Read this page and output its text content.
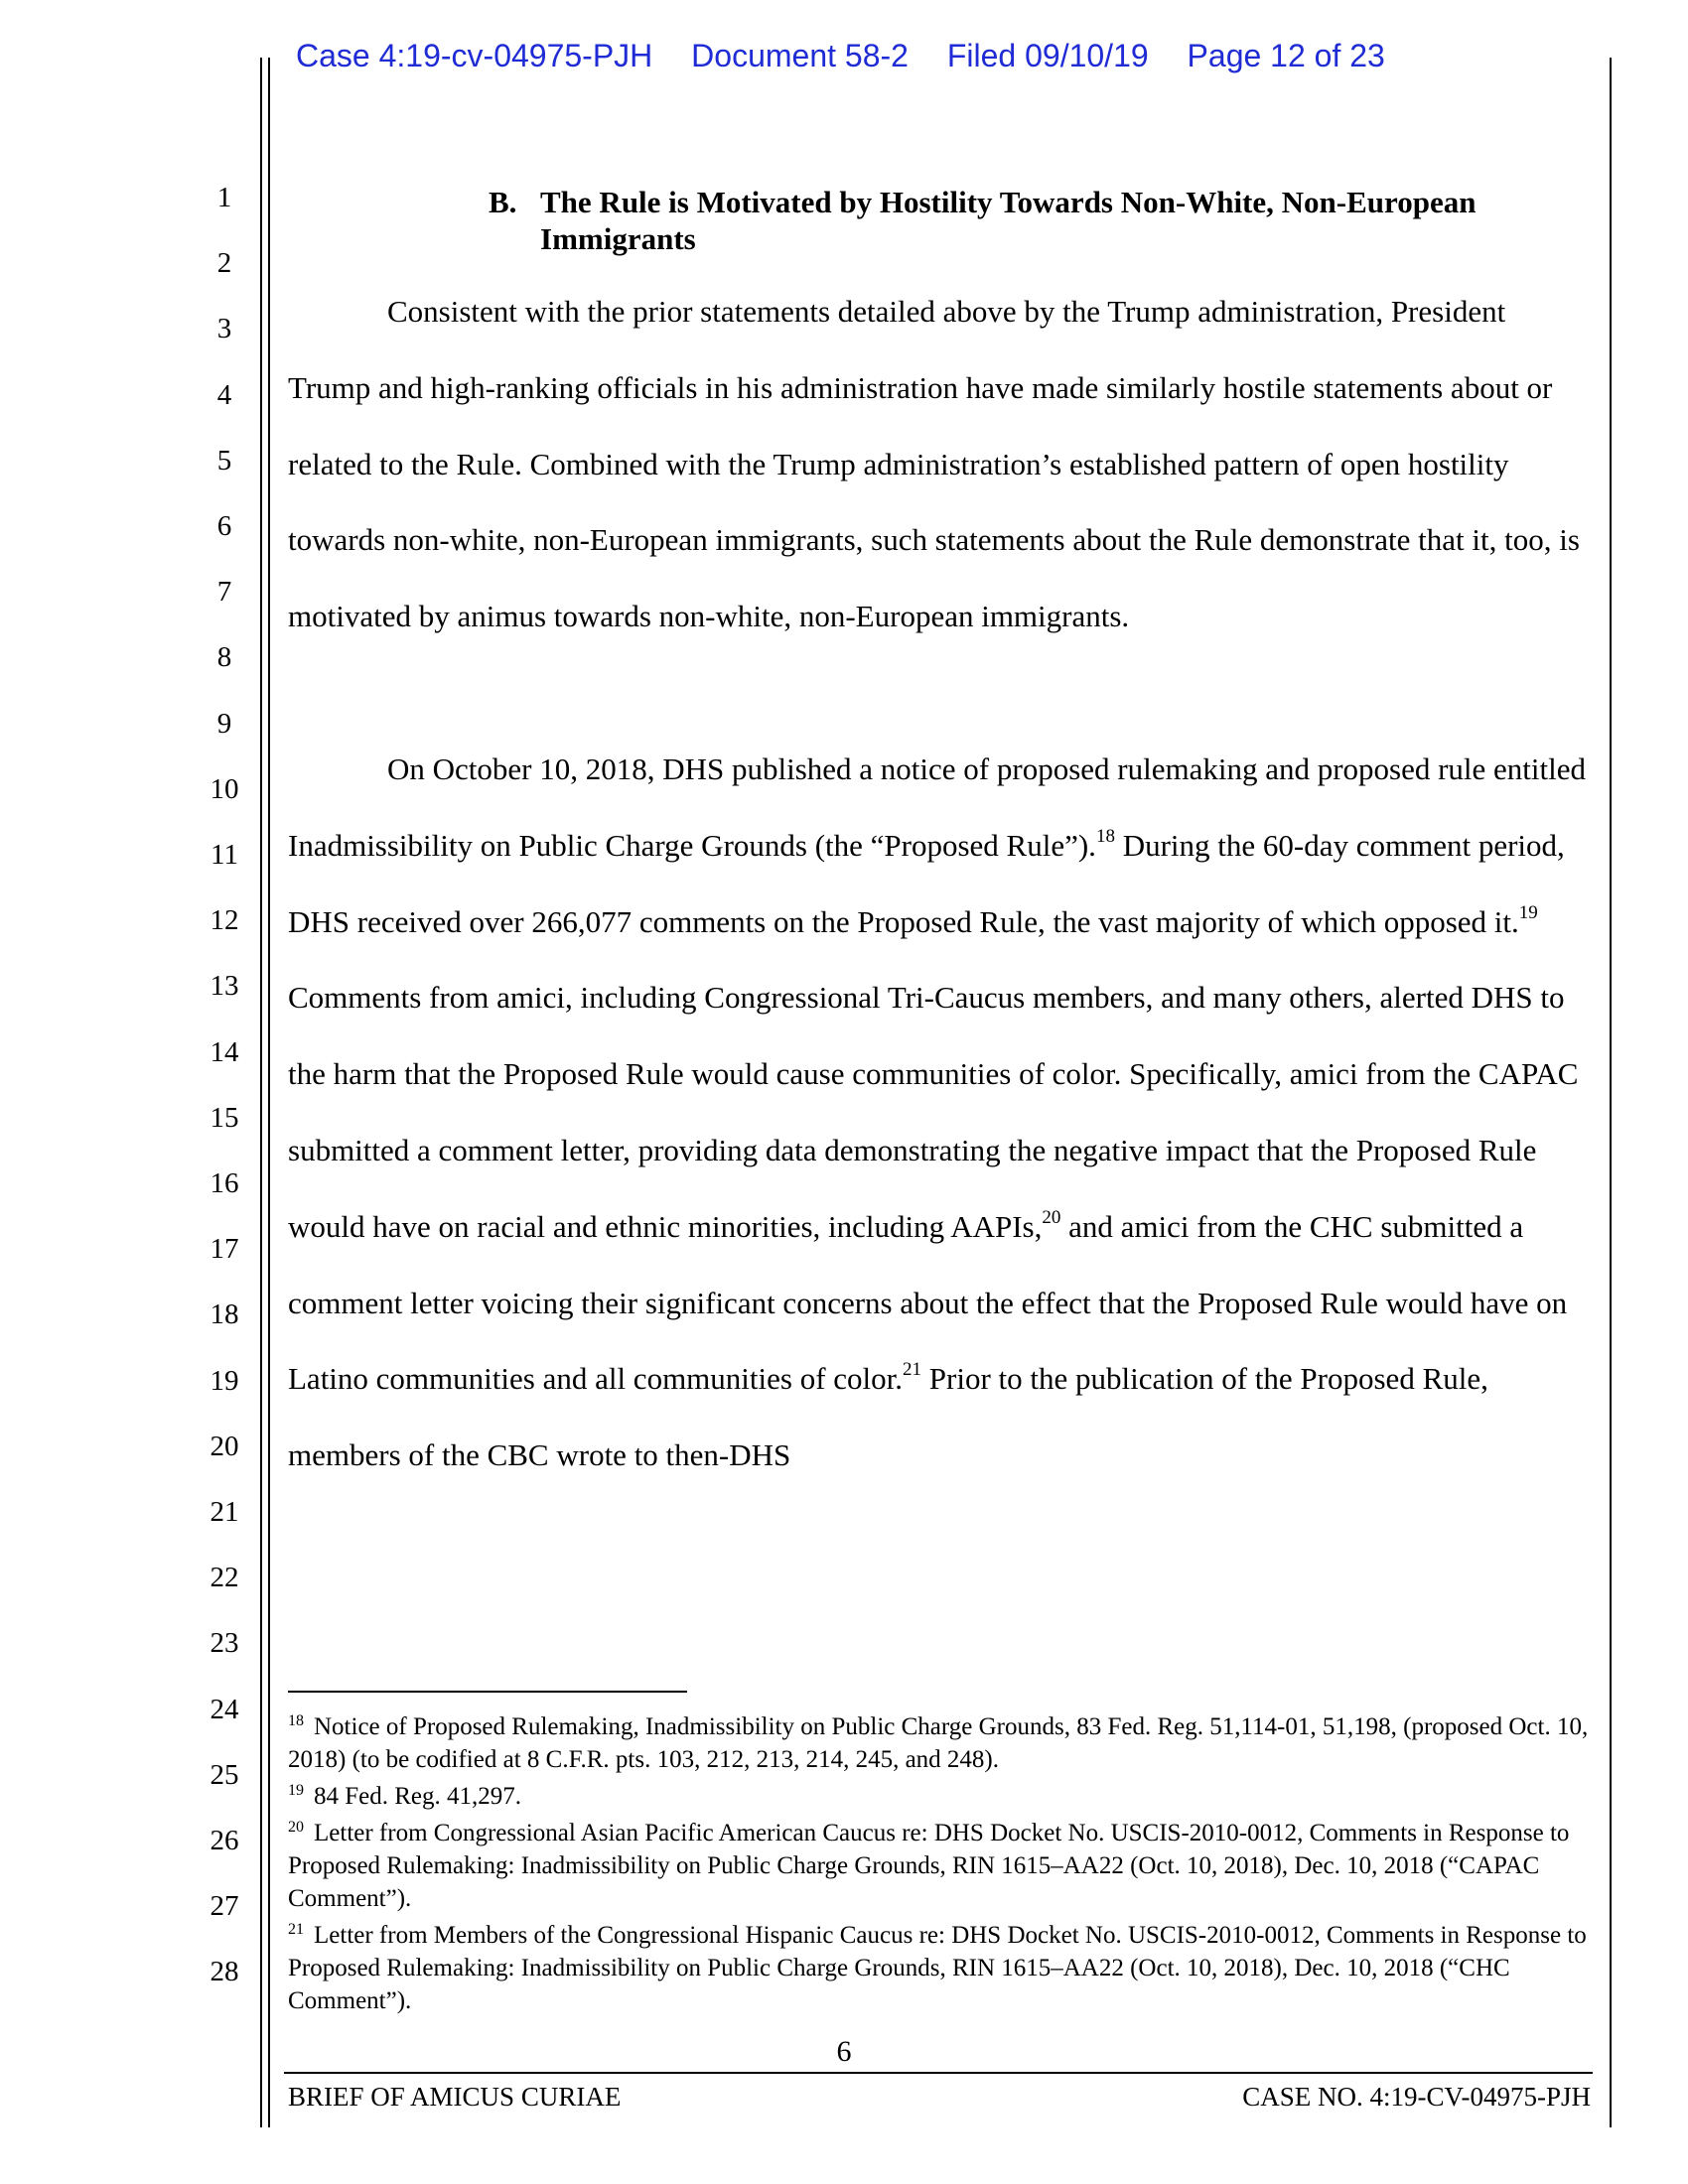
Case 4:19-cv-04975-PJH Document 58-2 Filed 09/10/19 Page 12 of 23
1
2
3
4
5
6
7
8
9
10
11
12
13
14
15
16
17
18
19
20
21
22
23
24
25
26
27
28
B. The Rule is Motivated by Hostility Towards Non-White, Non-European Immigrants
Consistent with the prior statements detailed above by the Trump administration, President Trump and high-ranking officials in his administration have made similarly hostile statements about or related to the Rule. Combined with the Trump administration’s established pattern of open hostility towards non-white, non-European immigrants, such statements about the Rule demonstrate that it, too, is motivated by animus towards non-white, non-European immigrants.
On October 10, 2018, DHS published a notice of proposed rulemaking and proposed rule entitled Inadmissibility on Public Charge Grounds (the “Proposed Rule”).$^{18}$ During the 60-day comment period, DHS received over 266,077 comments on the Proposed Rule, the vast majority of which opposed it.$^{19}$ Comments from amici, including Congressional Tri-Caucus members, and many others, alerted DHS to the harm that the Proposed Rule would cause communities of color. Specifically, amici from the CAPAC submitted a comment letter, providing data demonstrating the negative impact that the Proposed Rule would have on racial and ethnic minorities, including AAPIs,$^{20}$ and amici from the CHC submitted a comment letter voicing their significant concerns about the effect that the Proposed Rule would have on Latino communities and all communities of color.$^{21}$ Prior to the publication of the Proposed Rule, members of the CBC wrote to then-DHS
$^{18}$ Notice of Proposed Rulemaking, Inadmissibility on Public Charge Grounds, 83 Fed. Reg. 51,114-01, 51,198, (proposed Oct. 10, 2018) (to be codified at 8 C.F.R. pts. 103, 212, 213, 214, 245, and 248).
$^{19}$ 84 Fed. Reg. 41,297.
$^{20}$ Letter from Congressional Asian Pacific American Caucus re: DHS Docket No. USCIS-2010-0012, Comments in Response to Proposed Rulemaking: Inadmissibility on Public Charge Grounds, RIN 1615–AA22 (Oct. 10, 2018), Dec. 10, 2018 (“CAPAC Comment”).
$^{21}$ Letter from Members of the Congressional Hispanic Caucus re: DHS Docket No. USCIS-2010-0012, Comments in Response to Proposed Rulemaking: Inadmissibility on Public Charge Grounds, RIN 1615–AA22 (Oct. 10, 2018), Dec. 10, 2018 (“CHC Comment”).
6
BRIEF OF AMICUS CURIAE	CASE NO. 4:19-CV-04975-PJH
